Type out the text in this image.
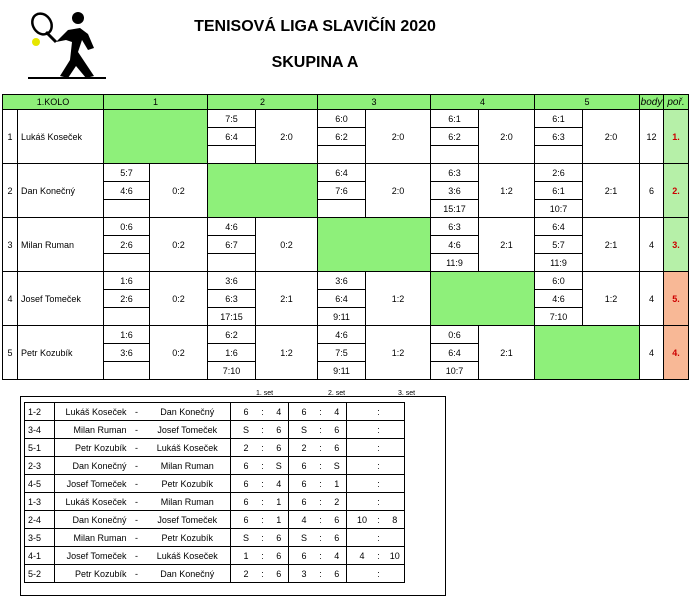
TENISOVÁ LIGA SLAVIČÍN 2020
SKUPINA A
1.KOLO		1		2		3		4		5		body	poř.
1	Lukáš Koseček			7:5	2:0	6:0	2:0	6:1	2:0	6:1	2:0	12	1.
				6:4		6:2		6:2		6:3			

2	Dan Konečný	5:7	0:2			6:4	2:0	6:3	1:2	2:6	2:1	6	2.
		4:6				7:6		3:6		6:1			
								15:17		10:7			
3	Milan Ruman	0:6	0:2	4:6	0:2			6:3	2:1	6:4	2:1	4	3.
		2:6		6:7				4:6		5:7			
								11:9		11:9			
4	Josef Tomeček	1:6	0:2	3:6	2:1	3:6	1:2			6:0	1:2	4	5.
		2:6		6:3		6:4				4:6			
				17:15		9:11				7:10			
5	Petr Kozubík	1:6	0:2	6:2	1:2	4:6	1:2	0:6	2:1			4	4.
		3:6		1:6		7:5		6:4					
				7:10		9:11		10:7					
1. set	2. set	3. set
1-2	Lukáš Koseček	-	Dan Konečný		6	:	4		6	:	4			:	
3-4	Milan Ruman	-	Josef Tomeček		S	:	6		S	:	6			:	
5-1	Petr Kozubík	-	Lukáš Koseček		2	:	6		2	:	6			:	
2-3	Dan Konečný	-	Milan Ruman		6	:	S		6	:	S			:	
4-5	Josef Tomeček	-	Petr Kozubík		6	:	4		6	:	1			:	
1-3	Lukáš Koseček	-	Milan Ruman		6	:	1		6	:	2			:	
2-4	Dan Konečný	-	Josef Tomeček		6	:	1		4	:	6		10	:	8
3-5	Milan Ruman	-	Petr Kozubík		S	:	6		S	:	6			:	
4-1	Josef Tomeček	-	Lukáš Koseček		1	:	6		6	:	4		4	:	10
5-2	Petr Kozubík	-	Dan Konečný		2	:	6		3	:	6			:	
